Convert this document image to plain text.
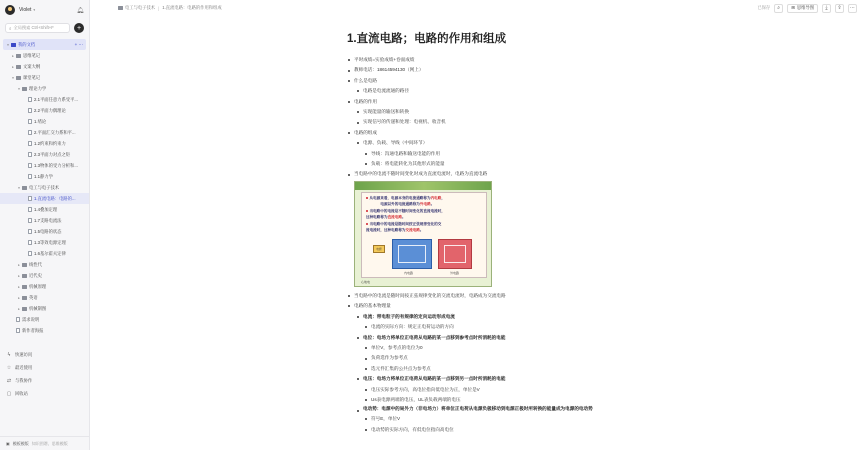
Violet ▾	🔔︎
⌕ 全局搜索 Ctrl+Shift+F	+
▾	我的文档	+ ⋯
▸	思维笔记
▸	文案大纲
▾	课堂笔记
▾	理论力学
2.1平面任意力系受平...
2.2平面力偶理论
1.绪论
2.平面汇交力系和平...
1.2约束和约束力
2.3平面力对点之矩
1.3物体的受力分析和...
1.1静力学
▾	电工与电子技术
1.直流电路：电路的...
1.4叠加定理
1.7支路电流法
1.5电路的状态
1.3等效电源定理
1.6基尔霍夫定律
▸	线性代
▸	近代史
▸	机械原理
▸	英语
▸	机械制图
需求说明
新作者海报
ϟ	快速访问
☆ 最近使用
⇄ 与我协作
▢ 回收站
▣ 模板模版 知识图谱、思维模版
电工与电子技术 | 1.直流电路：电路的作用和组成	已保存	⌕	⊞ 思维导图	⤓	⇪	⋯
1.直流电路；电路的作用和组成
平时成绩=实验成绩+卷面成绩
教师电话：18614594130（网上）
什么是电路
电路是电流流通的路径
电路的作用
实现能量的输送和转换
实现信号的传递和处理：电视机、收音机
电路的组成
电源、负载、导线（中间环节）
导线：沟通电路和输送电能的作用
负载：将电能转化为其他形式的能量
当电路中的电流不随时间变化时成为直流电流时，电路为直流电路
电源
内电路	外电路
从电源来看，电源本身的电流通路称为内电路，
　　　　电源以外的电流通路称为外电路。
当电路中的电流是不随时间变化的直流电流时，
这种电路称为直流电路。
当电路中的电流是随时间按正弦规律变化的交
流电流时，这种电路称为交流电路。
心地电
当电路中的电流是随时间按正弦规律变化的交流电流时，电路成为交流电路
电路的基本物理量
电流：带电粒子的有规律的定向运动形成电流
电流的实际方向：规定正电荷运动的方向
电位：电场力将单位正电荷从电路的某一点移到参考点时所消耗的电能
单位V，参考点的电位为0
负荷选作为参考点
选元件汇集的公共点为参考点
电压：电场力将单位正电荷从电路的某一点移到另一点时所消耗的电能
电压实际参考方向，高电位指向低电位为正，单位是V
Us表电源两端的电压，UL表负载两端的电压
电动势：电源中的局外力（非电场力）将单位正电荷从电源负极移动到电源正极时所转换的能量成为电源的电动势
符号E，单位V
电动势的实际方向，有低电位指向高电位
